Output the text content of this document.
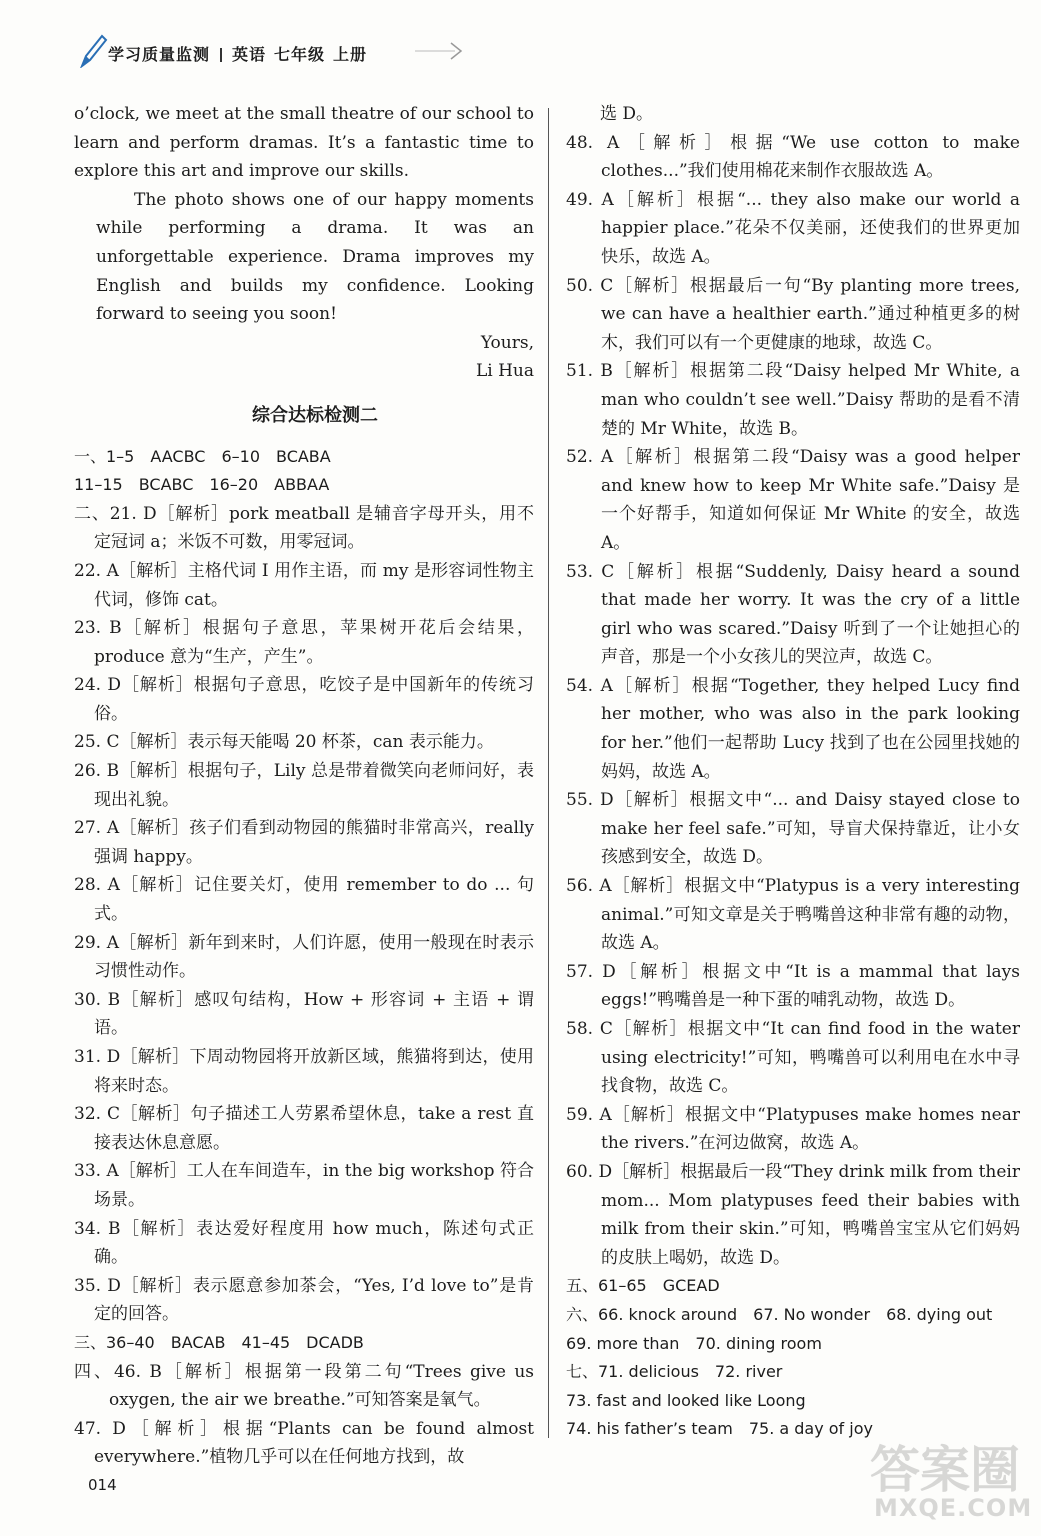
学习质量监测 英语 七年级 上册

o’clock, we meet at the small theatre of our school to learn and perform dramas. It’s a fantastic time to explore this art and improve our skills.

The photo shows one of our happy moments while performing a drama. It was an unforgettable experience. Drama improves my English and builds my confidence. Looking forward to seeing you soon!

Yours,

Li Hua

综合达标检测二

一、1–5　AACBC　6–10　BCABA

11–15　BCABC　16–20　ABBAA

二、21. D［解析］pork meatball 是辅音字母开头，用不定冠词 a；米饭不可数，用零冠词。

22. A［解析］主格代词 I 用作主语，而 my 是形容词性物主代词，修饰 cat。

23. B［解析］根据句子意思，苹果树开花后会结果，produce 意为“生产，产生”。

24. D［解析］根据句子意思，吃饺子是中国新年的传统习俗。

25. C［解析］表示每天能喝 20 杯茶，can 表示能力。

26. B［解析］根据句子，Lily 总是带着微笑向老师问好，表现出礼貌。

27. A［解析］孩子们看到动物园的熊猫时非常高兴，really 强调 happy。

28. A［解析］记住要关灯，使用 remember to do ... 句式。

29. A［解析］新年到来时，人们许愿，使用一般现在时表示习惯性动作。

30. B［解析］感叹句结构，How + 形容词 + 主语 + 谓语。

31. D［解析］下周动物园将开放新区域，熊猫将到达，使用将来时态。

32. C［解析］句子描述工人劳累希望休息，take a rest 直接表达休息意愿。

33. A［解析］工人在车间造车，in the big workshop 符合场景。

34. B［解析］表达爱好程度用 how much，陈述句式正确。

35. D［解析］表示愿意参加茶会，“Yes, I’d love to”是肯定的回答。

三、36–40　BACAB　41–45　DCADB

四、46. B［解析］根据第一段第二句“Trees give us oxygen, the air we breathe.”可知答案是氧气。

47. D［解析］根据“Plants can be found almost everywhere.”植物几乎可以在任何地方找到，故

选 D。

48. A［解析］根据“We use cotton to make clothes...”我们使用棉花来制作衣服故选 A。

49. A［解析］根据“... they also make our world a happier place.”花朵不仅美丽，还使我们的世界更加快乐，故选 A。

50. C［解析］根据最后一句“By planting more trees, we can have a healthier earth.”通过种植更多的树木，我们可以有一个更健康的地球，故选 C。

51. B［解析］根据第二段“Daisy helped Mr White, a man who couldn’t see well.”Daisy 帮助的是看不清楚的 Mr White，故选 B。

52. A［解析］根据第二段“Daisy was a good helper and knew how to keep Mr White safe.”Daisy 是一个好帮手，知道如何保证 Mr White 的安全，故选 A。

53. C［解析］根据“Suddenly, Daisy heard a sound that made her worry. It was the cry of a little girl who was scared.”Daisy 听到了一个让她担心的声音，那是一个小女孩儿的哭泣声，故选 C。

54. A［解析］根据“Together, they helped Lucy find her mother, who was also in the park looking for her.”他们一起帮助 Lucy 找到了也在公园里找她的妈妈，故选 A。

55. D［解析］根据文中“... and Daisy stayed close to make her feel safe.”可知，导盲犬保持靠近，让小女孩感到安全，故选 D。

56. A［解析］根据文中“Platypus is a very interesting animal.”可知文章是关于鸭嘴兽这种非常有趣的动物，故选 A。

57. D［解析］根据文中“It is a mammal that lays eggs!”鸭嘴兽是一种下蛋的哺乳动物，故选 D。

58. C［解析］根据文中“It can find food in the water using electricity!”可知，鸭嘴兽可以利用电在水中寻找食物，故选 C。

59. A［解析］根据文中“Platypuses make homes near the rivers.”在河边做窝，故选 A。

60. D［解析］根据最后一段“They drink milk from their mom... Mom platypuses feed their babies with milk from their skin.”可知，鸭嘴兽宝宝从它们妈妈的皮肤上喝奶，故选 D。

五、61–65　GCEAD

六、66. knock around　67. No wonder　68. dying out

69. more than　70. dining room

七、71. delicious　72. river

73. fast and looked like Loong

74. his father’s team　75. a day of joy

014	答案圈
MXQE.COM
